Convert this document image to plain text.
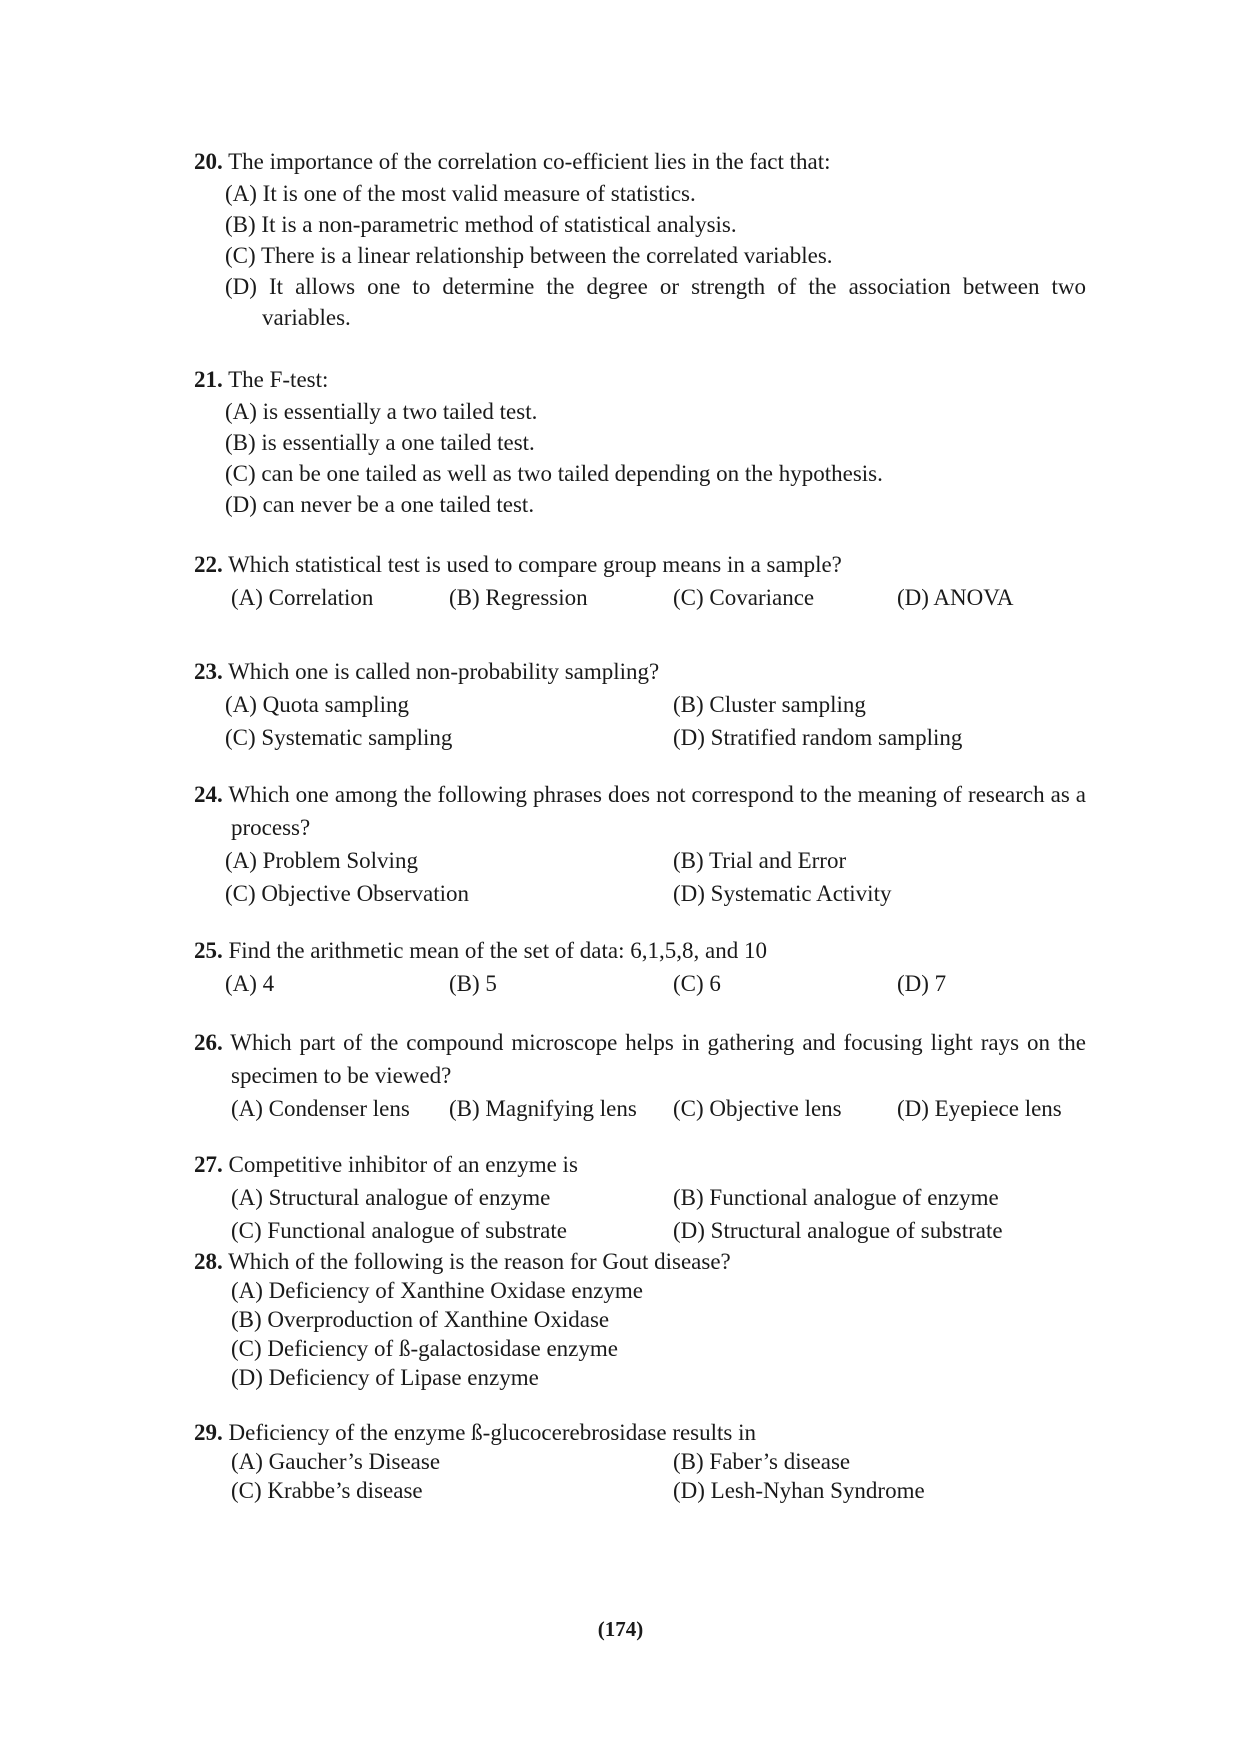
20. The importance of the correlation co-efficient lies in the fact that:
(A) It is one of the most valid measure of statistics.
(B) It is a non-parametric method of statistical analysis.
(C) There is a linear relationship between the correlated variables.
(D) It allows one to determine the degree or strength of the association between two variables.
21. The F-test:
(A) is essentially a two tailed test.
(B) is essentially a one tailed test.
(C) can be one tailed as well as two tailed depending on the hypothesis.
(D) can never be a one tailed test.
22. Which statistical test is used to compare group means in a sample?
(A) Correlation	(B) Regression	(C) Covariance	(D) ANOVA
23. Which one is called non-probability sampling?
(A) Quota sampling	(B) Cluster sampling
(C) Systematic sampling	(D) Stratified random sampling
24. Which one among the following phrases does not correspond to the meaning of research as a process?
(A) Problem Solving	(B) Trial and Error
(C) Objective Observation	(D) Systematic Activity
25. Find the arithmetic mean of the set of data: 6,1,5,8, and 10
(A) 4	(B) 5	(C) 6	(D) 7
26. Which part of the compound microscope helps in gathering and focusing light rays on the specimen to be viewed?
(A) Condenser lens	(B) Magnifying lens	(C) Objective lens	(D) Eyepiece lens
27. Competitive inhibitor of an enzyme is
(A) Structural analogue of enzyme	(B) Functional analogue of enzyme
(C) Functional analogue of substrate	(D) Structural analogue of substrate
28. Which of the following is the reason for Gout disease?
(A) Deficiency of Xanthine Oxidase enzyme
(B) Overproduction of Xanthine Oxidase
(C) Deficiency of ß-galactosidase enzyme
(D) Deficiency of Lipase enzyme
29. Deficiency of the enzyme ß-glucocerebrosidase results in
(A) Gaucher’s Disease	(B) Faber’s disease
(C) Krabbe’s disease	(D) Lesh-Nyhan Syndrome
(174)
